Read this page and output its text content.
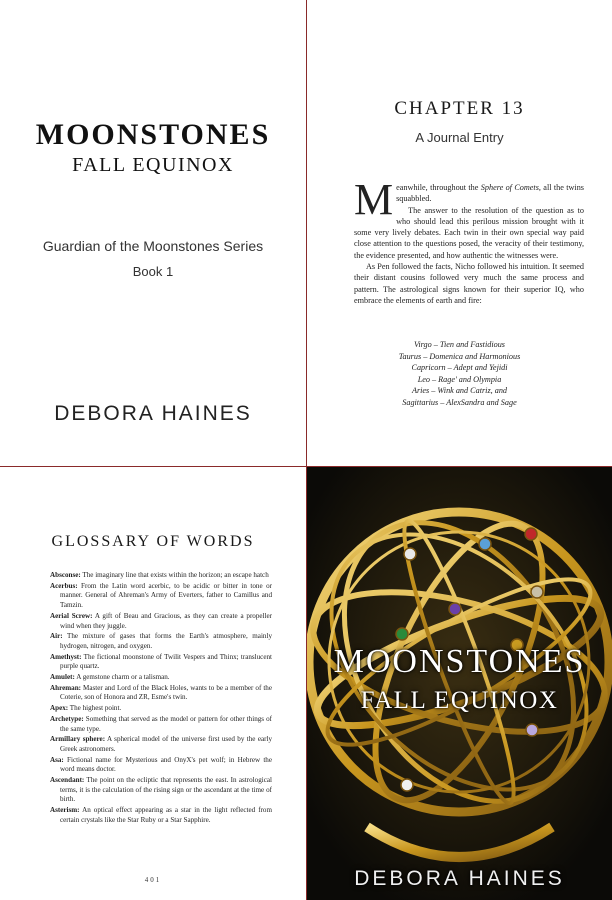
MOONSTONES
FALL EQUINOX
Guardian of the Moonstones Series
Book 1
DEBORA HAINES
CHAPTER 13
A Journal Entry

Meanwhile, throughout the Sphere of Comets, all the twins squabbled.

The answer to the resolution of the question as to who should lead this perilous mission brought with it some very lively debates. Each twin in their own special way paid close attention to the questions posed, the veracity of their testimony, the evidence presented, and how authentic the witnesses were.

As Pen followed the facts, Nicho followed his intuition. It seemed their distant cousins followed very much the same process and pattern. The astrological signs known for their superior IQ, who embrace the elements of earth and fire:

Virgo – Tien and Fastidious
Taurus – Domenica and Harmonious
Capricorn – Adept and Yejidi
Leo – Rage' and Olympia
Aries – Wink and Catriz, and
Sagittarius – AlexSandra and Sage
GLOSSARY OF WORDS
Absconse: The imaginary line that exists within the horizon; an escape hatch
Acerbus: From the Latin word acerbic, to be acidic or bitter in tone or manner. General of Ahreman's Army of Everters, father to Camillus and Tamzin.
Aerial Screw: A gift of Beau and Gracious, as they can create a propeller wind when they juggle.
Air: The mixture of gases that forms the Earth's atmosphere, mainly hydrogen, nitrogen, and oxygen.
Amethyst: The fictional moonstone of Twilit Vespers and Thinx; translucent purple quartz.
Amulet: A gemstone charm or a talisman.
Ahreman: Master and Lord of the Black Holes, wants to be a member of the Coterie, son of Honora and ZR, Esme's twin.
Apex: The highest point.
Archetype: Something that served as the model or pattern for other things of the same type.
Armillary sphere: A spherical model of the universe first used by the early Greek astronomers.
Asa: Fictional name for Mysterious and OnyX's pet wolf; in Hebrew the word means doctor.
Ascendant: The point on the ecliptic that represents the east. In astrological terms, it is the calculation of the rising sign or the ascendant at the time of birth.
Asterism: An optical effect appearing as a star in the light reflected from certain crystals like the Star Ruby or a Star Sapphire.
401
MOONSTONES
FALL EQUINOX
DEBORA HAINES
